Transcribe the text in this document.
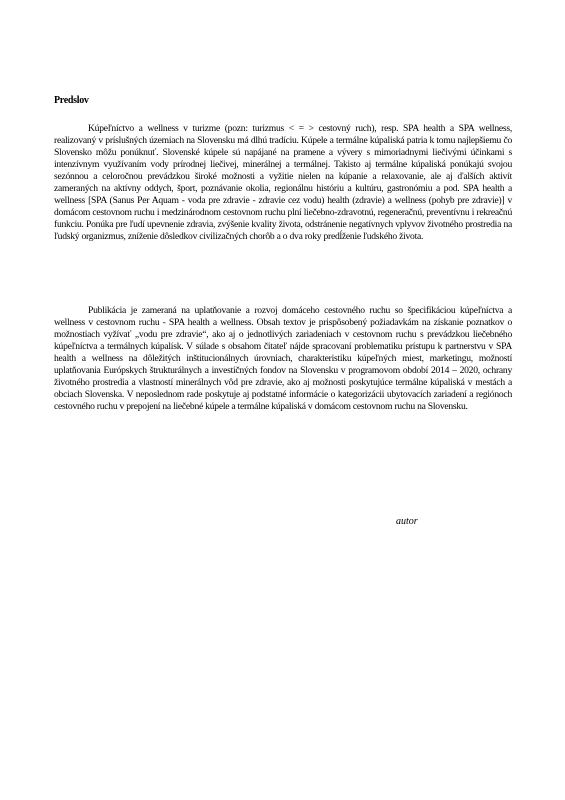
Predslov

Kúpeľníctvo a wellness v turizme (pozn: turizmus < = > cestovný ruch), resp. SPA health a SPA wellness, realizovaný v príslušných územiach na Slovensku má dlhú tradíciu. Kúpele a termálne kúpaliská patria k tomu najlepšiemu čo Slovensko môžu ponúknuť. Slovenské kúpele sú napájané na pramene a vývery s mimoriadnymi liečivými účinkami s intenzívnym využívaním vody prírodnej liečivej, minerálnej a termálnej. Takisto aj termálne kúpaliská ponúkajú svojou sezónnou a celoročnou prevádzkou široké možnosti a vyžitie nielen na kúpanie a relaxovanie, ale aj ďalších aktivít zameraných na aktívny oddych, šport, poznávanie okolia, regionálnu históriu a kultúru, gastronómiu a pod. SPA health a wellness [SPA (Sanus Per Aquam - voda pre zdravie - zdravie cez vodu) health (zdravie) a wellness (pohyb pre zdravie)] v domácom cestovnom ruchu i medzinárodnom cestovnom ruchu plní liečebno-zdravotnú, regeneračnú, preventívnu i rekreačnú funkciu. Ponúka pre ľudí upevnenie zdravia, zvýšenie kvality života, odstránenie negatívnych vplyvov životného prostredia na ľudský organizmus, zníženie dôsledkov civilizačných chorôb a o dva roky predĺženie ľudského života.

Publikácia je zameraná na uplatňovanie a rozvoj domáceho cestovného ruchu so špecifikáciou kúpeľníctva a wellness v cestovnom ruchu - SPA health a wellness. Obsah textov je prispôsobený požiadavkám na získanie poznatkov o možnostiach vyžívať „vodu pre zdravie“, ako aj o jednotlivých zariadeniach v cestovnom ruchu s prevádzkou liečebného kúpeľníctva a termálnych kúpalísk. V súlade s obsahom čitateľ nájde spracovaní problematiku prístupu k partnerstvu v SPA health a wellness na dôležitých inštitucionálnych úrovniach, charakteristiku kúpeľných miest, marketingu, možností uplatňovania Európskych štrukturálnych a investičných fondov na Slovensku v programovom období 2014 – 2020, ochrany životného prostredia a vlastností minerálnych vôd pre zdravie, ako aj možnosti poskytujúce termálne kúpaliská v mestách a obciach Slovenska. V neposlednom rade poskytuje aj podstatné informácie o kategorizácii ubytovacích zariadení a regiónoch cestovného ruchu v prepojení na liečebné kúpele a termálne kúpaliská v domácom cestovnom ruchu na Slovensku.

autor
